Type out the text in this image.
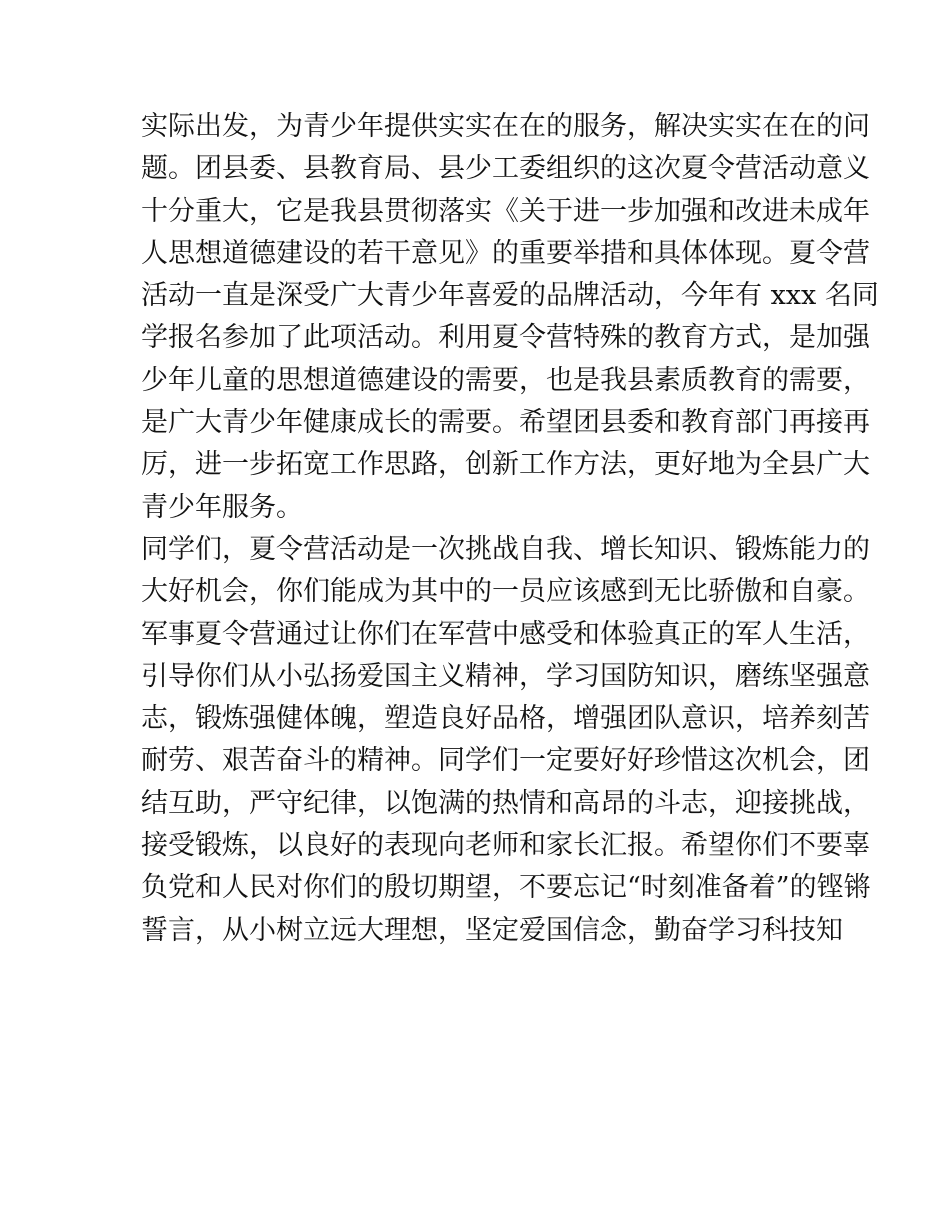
实际出发，为青少年提供实实在在的服务，解决实实在在的问
题。团县委、县教育局、县少工委组织的这次夏令营活动意义
十分重大，它是我县贯彻落实《关于进一步加强和改进未成年
人思想道德建设的若干意见》的重要举措和具体体现。夏令营
活动一直是深受广大青少年喜爱的品牌活动，今年有 xxx 名同
学报名参加了此项活动。利用夏令营特殊的教育方式，是加强
少年儿童的思想道德建设的需要，也是我县素质教育的需要，
是广大青少年健康成长的需要。希望团县委和教育部门再接再
厉，进一步拓宽工作思路，创新工作方法，更好地为全县广大
青少年服务。
同学们，夏令营活动是一次挑战自我、增长知识、锻炼能力的
大好机会，你们能成为其中的一员应该感到无比骄傲和自豪。
军事夏令营通过让你们在军营中感受和体验真正的军人生活，
引导你们从小弘扬爱国主义精神，学习国防知识，磨练坚强意
志，锻炼强健体魄，塑造良好品格，增强团队意识，培养刻苦
耐劳、艰苦奋斗的精神。同学们一定要好好珍惜这次机会，团
结互助，严守纪律，以饱满的热情和高昂的斗志，迎接挑战，
接受锻炼，以良好的表现向老师和家长汇报。希望你们不要辜
负党和人民对你们的殷切期望，不要忘记“时刻准备着”的铿锵
誓言，从小树立远大理想，坚定爱国信念，勤奋学习科技知
